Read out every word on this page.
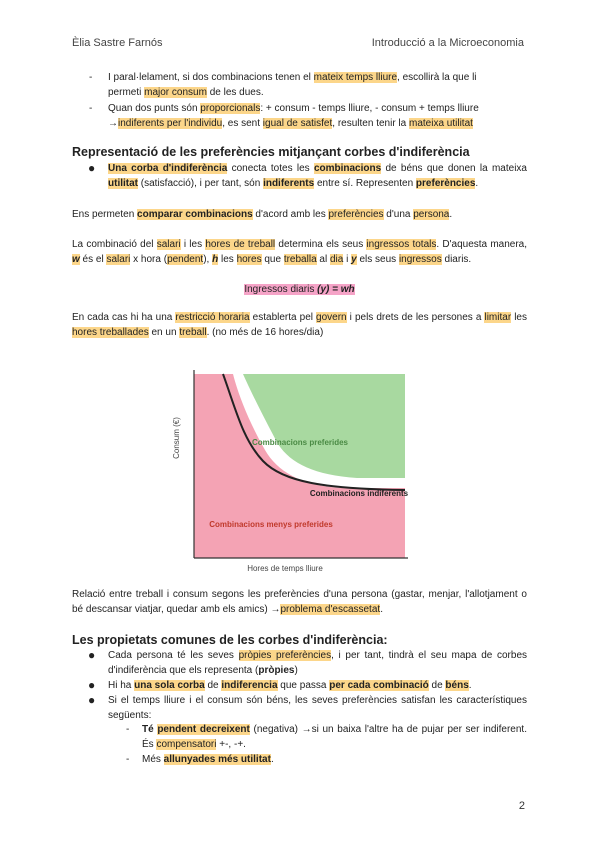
Èlia Sastre Farnós	Introducció a la Microeconomia
-	I paral·lelament, si dos combinacions tenen el mateix temps lliure, escollirà la que li
permeti major consum de les dues.
-	Quan dos punts són proporcionals: + consum - temps lliure, - consum + temps lliure
→indiferents per l'individu, es sent igual de satisfet, resulten tenir la mateixa utilitat
Representació de les preferències mitjançant corbes d'indiferència
●	Una corba d'indiferència conecta totes les combinacions de béns que donen la mateixa utilitat (satisfacció), i per tant, són indiferents entre sí. Representen preferències.
Ens permeten comparar combinacions d'acord amb les preferències d'una persona.
La combinació del salari i les hores de treball determina els seus ingressos totals. D'aquesta manera, w és el salari x hora (pendent), h les hores que treballa al dia i y els seus ingressos diaris.
Ingressos diaris (y) = wh
En cada cas hi ha una restricció horaria establerta pel govern i pels drets de les persones a limitar les hores treballades en un treball. (no més de 16 hores/dia)
Consum (€)
Hores de temps lliure
Combinacions preferides
Combinacions indiferents
Combinacions menys preferides
Relació entre treball i consum segons les preferències d'una persona (gastar, menjar, l'allotjament o bé descansar viatjar, quedar amb els amics) →problema d'escassetat.
Les propietats comunes de les corbes d'indiferència:
●	Cada persona té les seves pròpies preferències, i per tant, tindrà el seu mapa de corbes d'indiferència que els representa (pròpies)
●	Hi ha una sola corba de indiferencia que passa per cada combinació de béns.
●	Si el temps lliure i el consum són béns, les seves preferències satisfan les característiques següents:
- Té pendent decreixent (negativa) →si un baixa l'altre ha de pujar per ser indiferent. És compensatori +-, -+.
- Més allunyades més utilitat.
2
